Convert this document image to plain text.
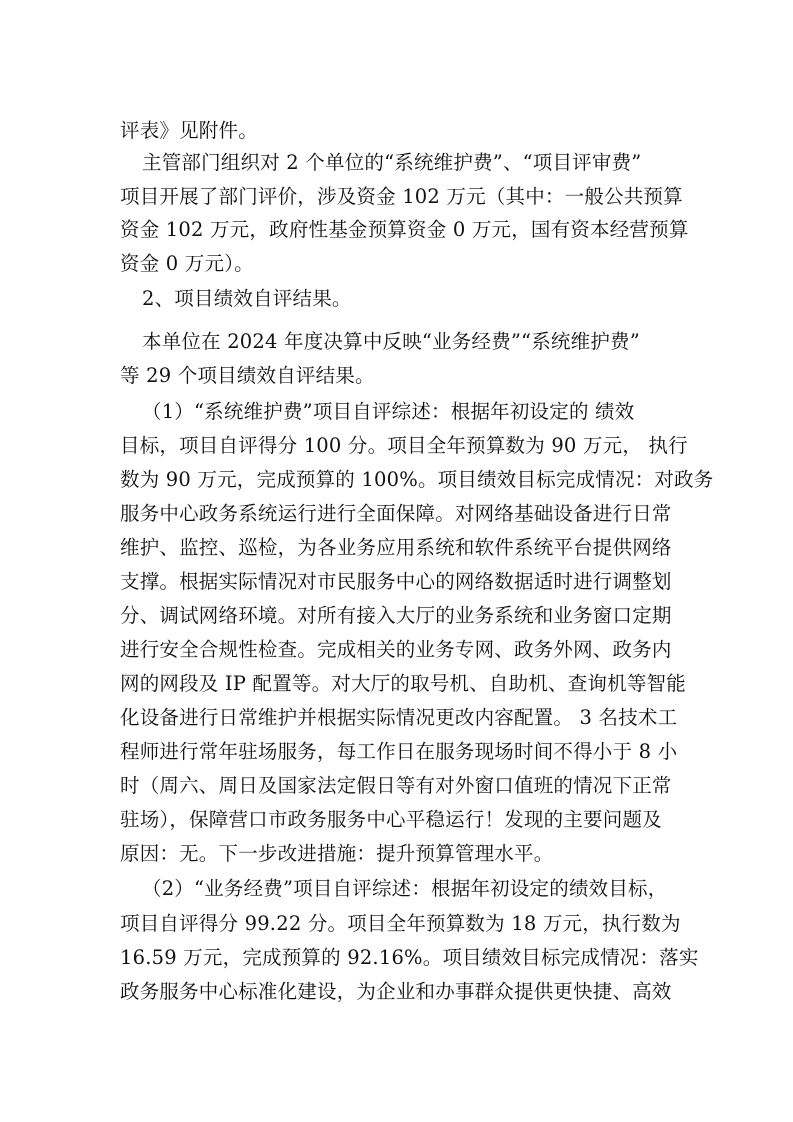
评表》见附件。
主管部门组织对 2 个单位的“系统维护费”、“项目评审费”
项目开展了部门评价，涉及资金 102 万元（其中：一般公共预算
资金 102 万元，政府性基金预算资金 0 万元，国有资本经营预算
资金 0 万元）。
2、项目绩效自评结果。
本单位在 2024 年度决算中反映“业务经费”“系统维护费”
等 29 个项目绩效自评结果。
（1）“系统维护费”项目自评综述：根据年初设定的 绩效
目标，项目自评得分 100 分。项目全年预算数为 90 万元， 执行
数为 90 万元，完成预算的 100%。项目绩效目标完成情况：对政务
服务中心政务系统运行进行全面保障。对网络基础设备进行日常
维护、监控、巡检，为各业务应用系统和软件系统平台提供网络
支撑。根据实际情况对市民服务中心的网络数据适时进行调整划
分、调试网络环境。对所有接入大厅的业务系统和业务窗口定期
进行安全合规性检查。完成相关的业务专网、政务外网、政务内
网的网段及 IP 配置等。对大厅的取号机、自助机、查询机等智能
化设备进行日常维护并根据实际情况更改内容配置。 3 名技术工
程师进行常年驻场服务，每工作日在服务现场时间不得小于 8 小
时（周六、周日及国家法定假日等有对外窗口值班的情况下正常
驻场），保障营口市政务服务中心平稳运行！发现的主要问题及
原因：无。下一步改进措施：提升预算管理水平。
（2）“业务经费”项目自评综述：根据年初设定的绩效目标，
项目自评得分 99.22 分。项目全年预算数为 18 万元，执行数为
16.59 万元，完成预算的 92.16%。项目绩效目标完成情况：落实
政务服务中心标准化建设，为企业和办事群众提供更快捷、高效
